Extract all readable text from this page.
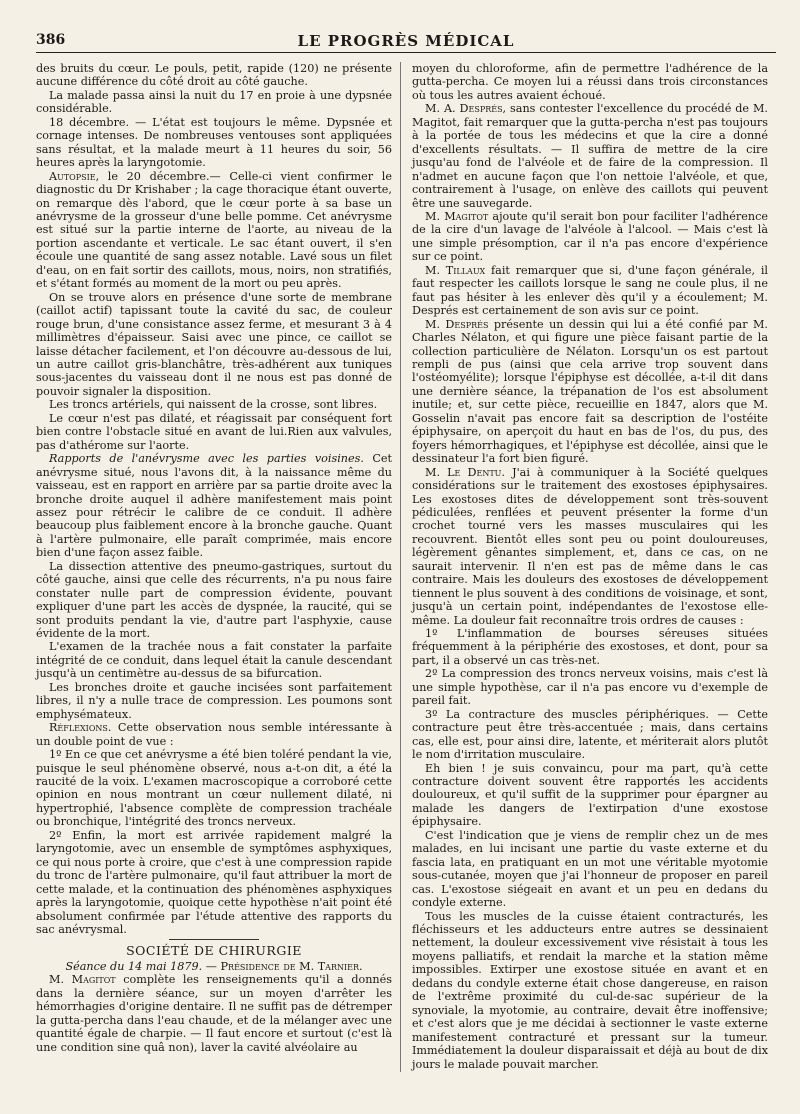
386	LE PROGRÈS MÉDICAL

des bruits du cœur. Le pouls, petit, rapide (120) ne présente aucune différence du côté droit au côté gauche.

La malade passa ainsi la nuit du 17 en proie à une dypsnée considérable.

18 décembre. — L'état est toujours le même. Dypsnée et cornage intenses. De nombreuses ventouses sont appliquées sans résultat, et la malade meurt à 11 heures du soir, 56 heures après la laryngotomie.

Autopsie, le 20 décembre.— Celle-ci vient confirmer le diagnostic du Dr Krishaber ; la cage thoracique étant ouverte, on remarque dès l'abord, que le cœur porte à sa base un anévrysme de la grosseur d'une belle pomme. Cet anévrysme est situé sur la partie interne de l'aorte, au niveau de la portion ascendante et verticale. Le sac étant ouvert, il s'en écoule une quantité de sang assez notable. Lavé sous un filet d'eau, on en fait sortir des caillots, mous, noirs, non stratifiés, et s'étant formés au moment de la mort ou peu après.

On se trouve alors en présence d'une sorte de membrane (caillot actif) tapissant toute la cavité du sac, de couleur rouge brun, d'une consistance assez ferme, et mesurant 3 à 4 millimètres d'épaisseur. Saisi avec une pince, ce caillot se laisse détacher facilement, et l'on découvre au-dessous de lui, un autre caillot gris-blanchâtre, très-adhérent aux tuniques sous-jacentes du vaisseau dont il ne nous est pas donné de pouvoir signaler la disposition.

Les troncs artériels, qui naissent de la crosse, sont libres.

Le cœur n'est pas dilaté, et réagissait par conséquent fort bien contre l'obstacle situé en avant de lui.Rien aux valvules, pas d'athérome sur l'aorte.

Rapports de l'anévrysme avec les parties voisines. Cet anévrysme situé, nous l'avons dit, à la naissance même du vaisseau, est en rapport en arrière par sa partie droite avec la bronche droite auquel il adhère manifestement mais point assez pour rétrécir le calibre de ce conduit. Il adhère beaucoup plus faiblement encore à la bronche gauche. Quant à l'artère pulmonaire, elle paraît comprimée, mais encore bien d'une façon assez faible.

La dissection attentive des pneumo-gastriques, surtout du côté gauche, ainsi que celle des récurrents, n'a pu nous faire constater nulle part de compression évidente, pouvant expliquer d'une part les accès de dyspnée, la raucité, qui se sont produits pendant la vie, d'autre part l'asphyxie, cause évidente de la mort.

L'examen de la trachée nous a fait constater la parfaite intégrité de ce conduit, dans lequel était la canule descendant jusqu'à un centimètre au-dessus de sa bifurcation.

Les bronches droite et gauche incisées sont parfaitement libres, il n'y a nulle trace de compression. Les poumons sont emphysémateux.

Réflexions. Cette observation nous semble intéressante à un double point de vue :

1º En ce que cet anévrysme a été bien toléré pendant la vie, puisque le seul phénomène observé, nous a-t-on dit, a été la raucité de la voix. L'examen macroscopique a corroboré cette opinion en nous montrant un cœur nullement dilaté, ni hypertrophié, l'absence complète de compression trachéale ou bronchique, l'intégrité des troncs nerveux.

2º Enfin, la mort est arrivée rapidement malgré la laryngotomie, avec un ensemble de symptômes asphyxiques, ce qui nous porte à croire, que c'est à une compression rapide du tronc de l'artère pulmonaire, qu'il faut attribuer la mort de cette malade, et la continuation des phénomènes asphyxiques après la laryngotomie, quoique cette hypothèse n'ait point été absolument confirmée par l'étude attentive des rapports du sac anévrysmal.

SOCIÉTÉ DE CHIRURGIE

Séance du 14 mai 1879. — Présidence de M. Tarnier.

M. Magitot complète les renseignements qu'il a donnés dans la dernière séance, sur un moyen d'arrêter les hémorrhagies d'origine dentaire. Il ne suffit pas de détremper la gutta-percha dans l'eau chaude, et de la mélanger avec une quantité égale de charpie. — Il faut encore et surtout (c'est là une condition sine quâ non), laver la cavité alvéolaire au

moyen du chloroforme, afin de permettre l'adhérence de la gutta-percha. Ce moyen lui a réussi dans trois circonstances où tous les autres avaient échoué.

M. A. Després, sans contester l'excellence du procédé de M. Magitot, fait remarquer que la gutta-percha n'est pas toujours à la portée de tous les médecins et que la cire a donné d'excellents résultats. — Il suffira de mettre de la cire jusqu'au fond de l'alvéole et de faire de la compression. Il n'admet en aucune façon que l'on nettoie l'alvéole, et que, contrairement à l'usage, on enlève des caillots qui peuvent être une sauvegarde.

M. Magitot ajoute qu'il serait bon pour faciliter l'adhérence de la cire d'un lavage de l'alvéole à l'alcool. — Mais c'est là une simple présomption, car il n'a pas encore d'expérience sur ce point.

M. Tillaux fait remarquer que si, d'une façon générale, il faut respecter les caillots lorsque le sang ne coule plus, il ne faut pas hésiter à les enlever dès qu'il y a écoulement; M. Després est certainement de son avis sur ce point.

M. Després présente un dessin qui lui a été confié par M. Charles Nélaton, et qui figure une pièce faisant partie de la collection particulière de Nélaton. Lorsqu'un os est partout rempli de pus (ainsi que cela arrive trop souvent dans l'ostéomyélite); lorsque l'épiphyse est décollée, a-t-il dit dans une dernière séance, la trépanation de l'os est absolument inutile; et, sur cette pièce, recueillie en 1847, alors que M. Gosselin n'avait pas encore fait sa description de l'ostéite épiphysaire, on aperçoit du haut en bas de l'os, du pus, des foyers hémorrhagiques, et l'épiphyse est décollée, ainsi que le dessinateur l'a fort bien figuré.

M. Le Dentu. J'ai à communiquer à la Société quelques considérations sur le traitement des exostoses épiphysaires. Les exostoses dites de développement sont très-souvent pédiculées, renflées et peuvent présenter la forme d'un crochet tourné vers les masses musculaires qui les recouvrent. Bientôt elles sont peu ou point douloureuses, légèrement gênantes simplement, et, dans ce cas, on ne saurait intervenir. Il n'en est pas de même dans le cas contraire. Mais les douleurs des exostoses de développement tiennent le plus souvent à des conditions de voisinage, et sont, jusqu'à un certain point, indépendantes de l'exostose elle-même. La douleur fait reconnaître trois ordres de causes :

1º L'inflammation de bourses séreuses situées fréquemment à la périphérie des exostoses, et dont, pour sa part, il a observé un cas très-net.

2º La compression des troncs nerveux voisins, mais c'est là une simple hypothèse, car il n'a pas encore vu d'exemple de pareil fait.

3º La contracture des muscles périphériques. — Cette contracture peut être très-accentuée ; mais, dans certains cas, elle est, pour ainsi dire, latente, et mériterait alors plutôt le nom d'irritation musculaire.

Eh bien ! je suis convaincu, pour ma part, qu'à cette contracture doivent souvent être rapportés les accidents douloureux, et qu'il suffit de la supprimer pour épargner au malade les dangers de l'extirpation d'une exostose épiphysaire.

C'est l'indication que je viens de remplir chez un de mes malades, en lui incisant une partie du vaste externe et du fascia lata, en pratiquant en un mot une véritable myotomie sous-cutanée, moyen que j'ai l'honneur de proposer en pareil cas. L'exostose siégeait en avant et un peu en dedans du condyle externe.

Tous les muscles de la cuisse étaient contracturés, les fléchisseurs et les adducteurs entre autres se dessinaient nettement, la douleur excessivement vive résistait à tous les moyens palliatifs, et rendait la marche et la station même impossibles. Extirper une exostose située en avant et en dedans du condyle externe était chose dangereuse, en raison de l'extrême proximité du cul-de-sac supérieur de la synoviale, la myotomie, au contraire, devait être inoffensive; et c'est alors que je me décidai à sectionner le vaste externe manifestement contracturé et pressant sur la tumeur. Immédiatement la douleur disparaissait et déjà au bout de dix jours le malade pouvait marcher.
